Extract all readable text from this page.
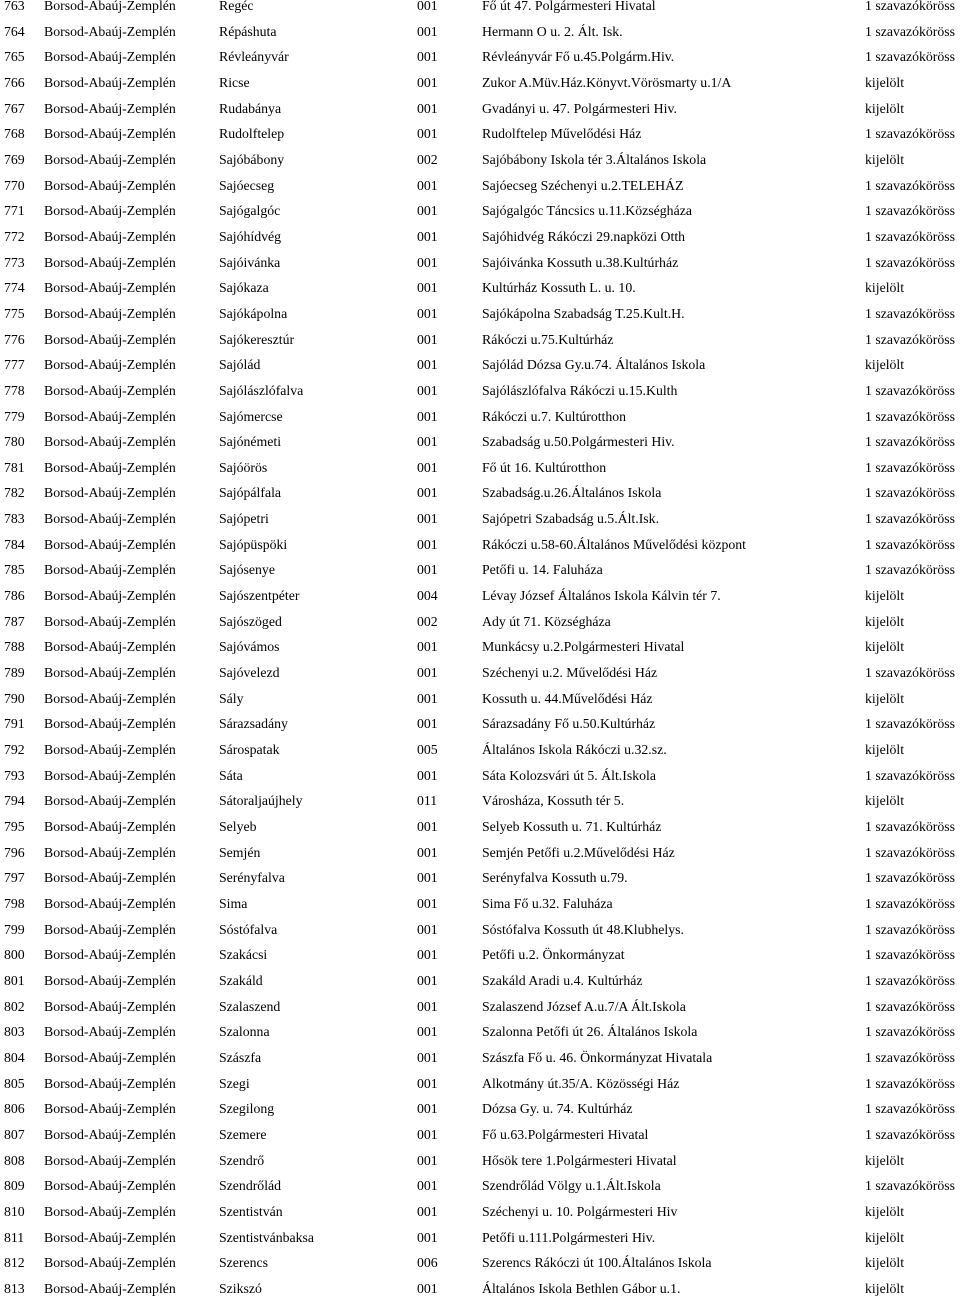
763 Borsod-Abaúj-Zemplén	Regéc	001	Fő út 47. Polgármesteri Hivatal	1 szavazóköröss
764 Borsod-Abaúj-Zemplén	Répáshuta	001	Hermann O u. 2. Ált. Isk.	1 szavazóköröss
765 Borsod-Abaúj-Zemplén	Révleányvár	001	Révleányvár Fő u.45.Polgárm.Hiv.	1 szavazóköröss
766 Borsod-Abaúj-Zemplén	Ricse	001	Zukor A.Müv.Ház.Könyvt.Vörösmarty u.1/A	kijelölt
767 Borsod-Abaúj-Zemplén	Rudabánya	001	Gvadányi u. 47. Polgármesteri Hiv.	kijelölt
768 Borsod-Abaúj-Zemplén	Rudolftelep	001	Rudolftelep Művelődési Ház	1 szavazóköröss
769 Borsod-Abaúj-Zemplén	Sajóbábony	002	Sajóbábony Iskola tér 3.Általános Iskola	kijelölt
770 Borsod-Abaúj-Zemplén	Sajóecseg	001	Sajóecseg Széchenyi u.2.TELEHÁZ	1 szavazóköröss
771 Borsod-Abaúj-Zemplén	Sajógalgóc	001	Sajógalgóc Táncsics u.11.Községháza	1 szavazóköröss
772 Borsod-Abaúj-Zemplén	Sajóhídvég	001	Sajóhidvég Rákóczi 29.napközi Otth	1 szavazóköröss
773 Borsod-Abaúj-Zemplén	Sajóivánka	001	Sajóivánka Kossuth u.38.Kultúrház	1 szavazóköröss
774 Borsod-Abaúj-Zemplén	Sajókaza	001	Kultúrház Kossuth L. u. 10.	kijelölt
775 Borsod-Abaúj-Zemplén	Sajókápolna	001	Sajókápolna Szabadság T.25.Kult.H.	1 szavazóköröss
776 Borsod-Abaúj-Zemplén	Sajókeresztúr	001	Rákóczi u.75.Kultúrház	1 szavazóköröss
777 Borsod-Abaúj-Zemplén	Sajólád	001	Sajólád Dózsa Gy.u.74. Általános Iskola	kijelölt
778 Borsod-Abaúj-Zemplén	Sajólászlófalva	001	Sajólászlófalva Rákóczi u.15.Kulth	1 szavazóköröss
779 Borsod-Abaúj-Zemplén	Sajómercse	001	Rákóczi u.7. Kultúrotthon	1 szavazóköröss
780 Borsod-Abaúj-Zemplén	Sajónémeti	001	Szabadság u.50.Polgármesteri Hiv.	1 szavazóköröss
781 Borsod-Abaúj-Zemplén	Sajóörös	001	Fő út 16. Kultúrotthon	1 szavazóköröss
782 Borsod-Abaúj-Zemplén	Sajópálfala	001	Szabadság.u.26.Általános Iskola	1 szavazóköröss
783 Borsod-Abaúj-Zemplén	Sajópetri	001	Sajópetri Szabadság u.5.Ált.Isk.	1 szavazóköröss
784 Borsod-Abaúj-Zemplén	Sajópüspöki	001	Rákóczi u.58-60.Általános Művelődési központ	1 szavazóköröss
785 Borsod-Abaúj-Zemplén	Sajósenye	001	Petőfi u. 14. Faluháza	1 szavazóköröss
786 Borsod-Abaúj-Zemplén	Sajószentpéter	004	Lévay József Általános Iskola Kálvin tér 7.	kijelölt
787 Borsod-Abaúj-Zemplén	Sajószöged	002	Ady út 71. Községháza	kijelölt
788 Borsod-Abaúj-Zemplén	Sajóvámos	001	Munkácsy u.2.Polgármesteri Hivatal	kijelölt
789 Borsod-Abaúj-Zemplén	Sajóvelezd	001	Széchenyi u.2. Művelődési Ház	1 szavazóköröss
790 Borsod-Abaúj-Zemplén	Sály	001	Kossuth u. 44.Művelődési Ház	kijelölt
791 Borsod-Abaúj-Zemplén	Sárazsadány	001	Sárazsadány Fő u.50.Kultúrház	1 szavazóköröss
792 Borsod-Abaúj-Zemplén	Sárospatak	005	Általános Iskola Rákóczi u.32.sz.	kijelölt
793 Borsod-Abaúj-Zemplén	Sáta	001	Sáta Kolozsvári út 5. Ált.Iskola	1 szavazóköröss
794 Borsod-Abaúj-Zemplén	Sátoraljaújhely	011	Városháza, Kossuth tér 5.	kijelölt
795 Borsod-Abaúj-Zemplén	Selyeb	001	Selyeb Kossuth u. 71. Kultúrház	1 szavazóköröss
796 Borsod-Abaúj-Zemplén	Semjén	001	Semjén Petőfi u.2.Művelődési Ház	1 szavazóköröss
797 Borsod-Abaúj-Zemplén	Serényfalva	001	Serényfalva Kossuth u.79.	1 szavazóköröss
798 Borsod-Abaúj-Zemplén	Sima	001	Sima Fő u.32. Faluháza	1 szavazóköröss
799 Borsod-Abaúj-Zemplén	Sóstófalva	001	Sóstófalva Kossuth út 48.Klubhelys.	1 szavazóköröss
800 Borsod-Abaúj-Zemplén	Szakácsi	001	Petőfi u.2. Önkormányzat	1 szavazóköröss
801 Borsod-Abaúj-Zemplén	Szakáld	001	Szakáld Aradi u.4. Kultúrház	1 szavazóköröss
802 Borsod-Abaúj-Zemplén	Szalaszend	001	Szalaszend József A.u.7/A Ált.Iskola	1 szavazóköröss
803 Borsod-Abaúj-Zemplén	Szalonna	001	Szalonna Petőfi út 26. Általános Iskola	1 szavazóköröss
804 Borsod-Abaúj-Zemplén	Szászfa	001	Szászfa Fő u. 46. Önkormányzat Hivatala	1 szavazóköröss
805 Borsod-Abaúj-Zemplén	Szegi	001	Alkotmány út.35/A. Közösségi Ház	1 szavazóköröss
806 Borsod-Abaúj-Zemplén	Szegilong	001	Dózsa Gy. u. 74. Kultúrház	1 szavazóköröss
807 Borsod-Abaúj-Zemplén	Szemere	001	Fő u.63.Polgármesteri Hivatal	1 szavazóköröss
808 Borsod-Abaúj-Zemplén	Szendrő	001	Hősök tere 1.Polgármesteri Hivatal	kijelölt
809 Borsod-Abaúj-Zemplén	Szendrőlád	001	Szendrőlád Völgy u.1.Ált.Iskola	1 szavazóköröss
810 Borsod-Abaúj-Zemplén	Szentistván	001	Széchenyi u. 10. Polgármesteri Hiv	kijelölt
811 Borsod-Abaúj-Zemplén	Szentistvánbaksa	001	Petőfi u.111.Polgármesteri Hiv.	kijelölt
812 Borsod-Abaúj-Zemplén	Szerencs	006	Szerencs Rákóczi út 100.Általános Iskola	kijelölt
813 Borsod-Abaúj-Zemplén	Szikszó	001	Általános Iskola Bethlen Gábor u.1.	kijelölt
